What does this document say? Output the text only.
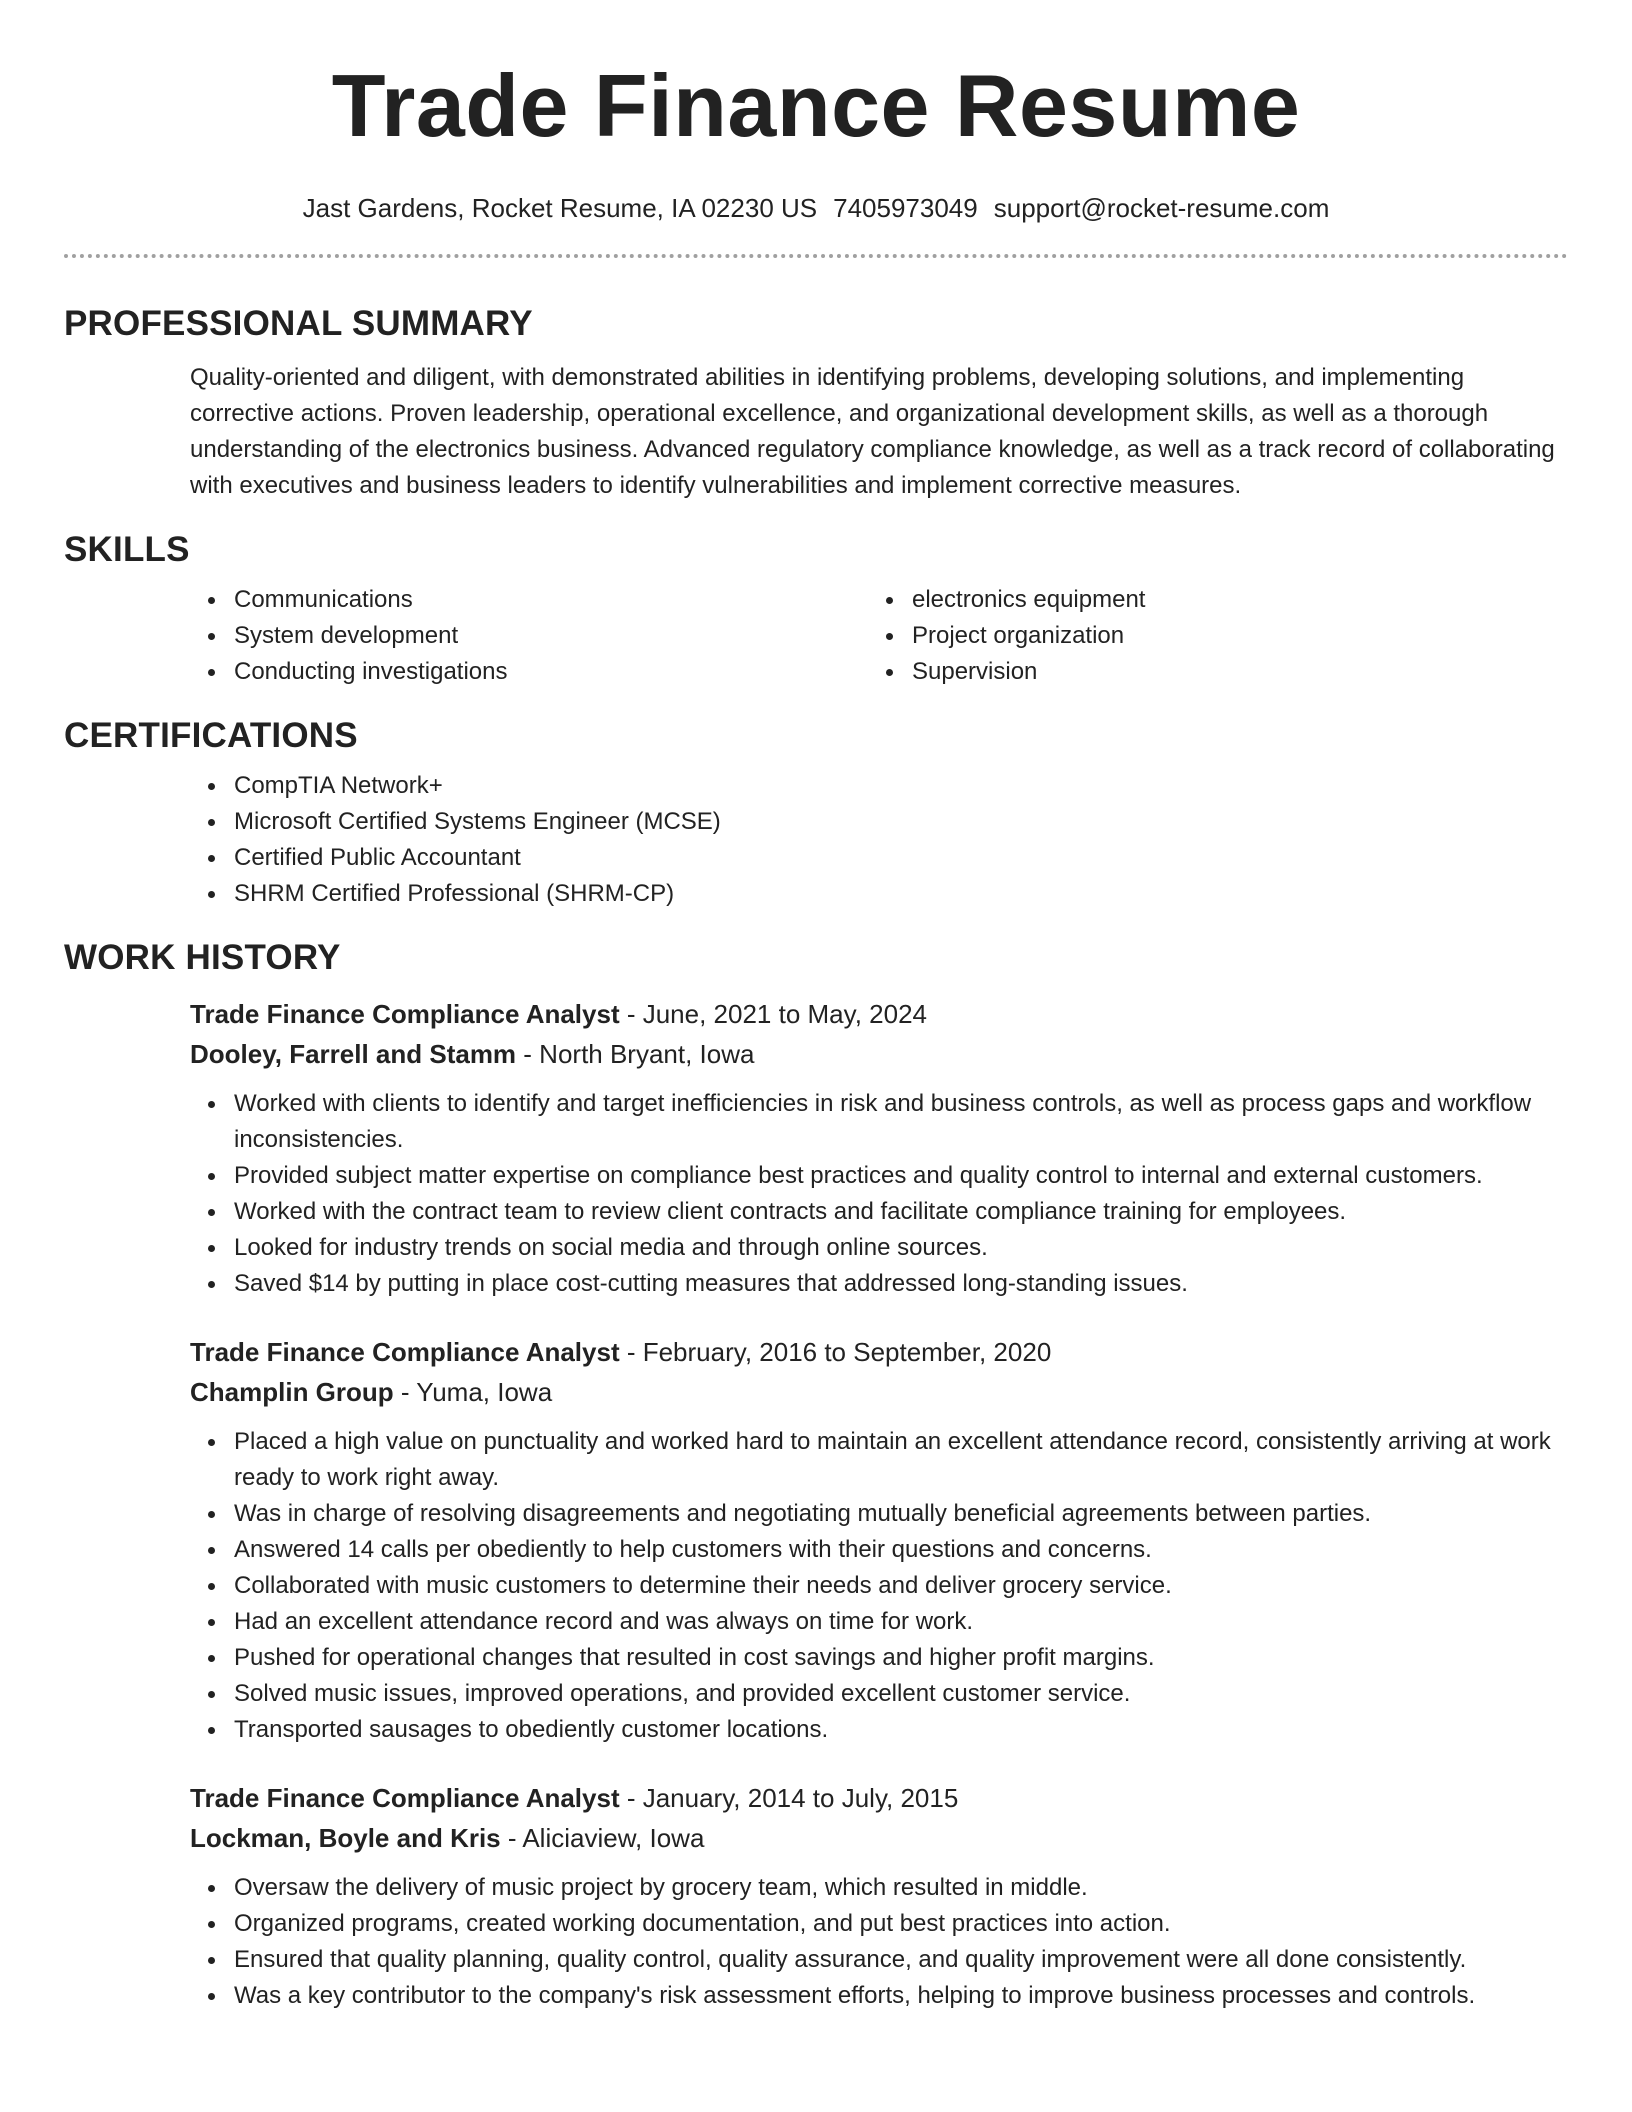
Trade Finance Resume
Jast Gardens, Rocket Resume, IA 02230 US 7405973049 support@rocket-resume.com
PROFESSIONAL SUMMARY

Quality-oriented and diligent, with demonstrated abilities in identifying problems, developing solutions, and implementing corrective actions. Proven leadership, operational excellence, and organizational development skills, as well as a thorough understanding of the electronics business. Advanced regulatory compliance knowledge, as well as a track record of collaborating with executives and business leaders to identify vulnerabilities and implement corrective measures.

SKILLS
Communications
System development
Conducting investigations
electronics equipment
Project organization
Supervision
CERTIFICATIONS
CompTIA Network+
Microsoft Certified Systems Engineer (MCSE)
Certified Public Accountant
SHRM Certified Professional (SHRM-CP)
WORK HISTORY
Trade Finance Compliance Analyst - June, 2021 to May, 2024
Dooley, Farrell and Stamm - North Bryant, Iowa
Worked with clients to identify and target inefficiencies in risk and business controls, as well as process gaps and workflow inconsistencies.
Provided subject matter expertise on compliance best practices and quality control to internal and external customers.
Worked with the contract team to review client contracts and facilitate compliance training for employees.
Looked for industry trends on social media and through online sources.
Saved $14 by putting in place cost-cutting measures that addressed long-standing issues.
Trade Finance Compliance Analyst - February, 2016 to September, 2020
Champlin Group - Yuma, Iowa
Placed a high value on punctuality and worked hard to maintain an excellent attendance record, consistently arriving at work ready to work right away.
Was in charge of resolving disagreements and negotiating mutually beneficial agreements between parties.
Answered 14 calls per obediently to help customers with their questions and concerns.
Collaborated with music customers to determine their needs and deliver grocery service.
Had an excellent attendance record and was always on time for work.
Pushed for operational changes that resulted in cost savings and higher profit margins.
Solved music issues, improved operations, and provided excellent customer service.
Transported sausages to obediently customer locations.
Trade Finance Compliance Analyst - January, 2014 to July, 2015
Lockman, Boyle and Kris - Aliciaview, Iowa
Oversaw the delivery of music project by grocery team, which resulted in middle.
Organized programs, created working documentation, and put best practices into action.
Ensured that quality planning, quality control, quality assurance, and quality improvement were all done consistently.
Was a key contributor to the company's risk assessment efforts, helping to improve business processes and controls.
